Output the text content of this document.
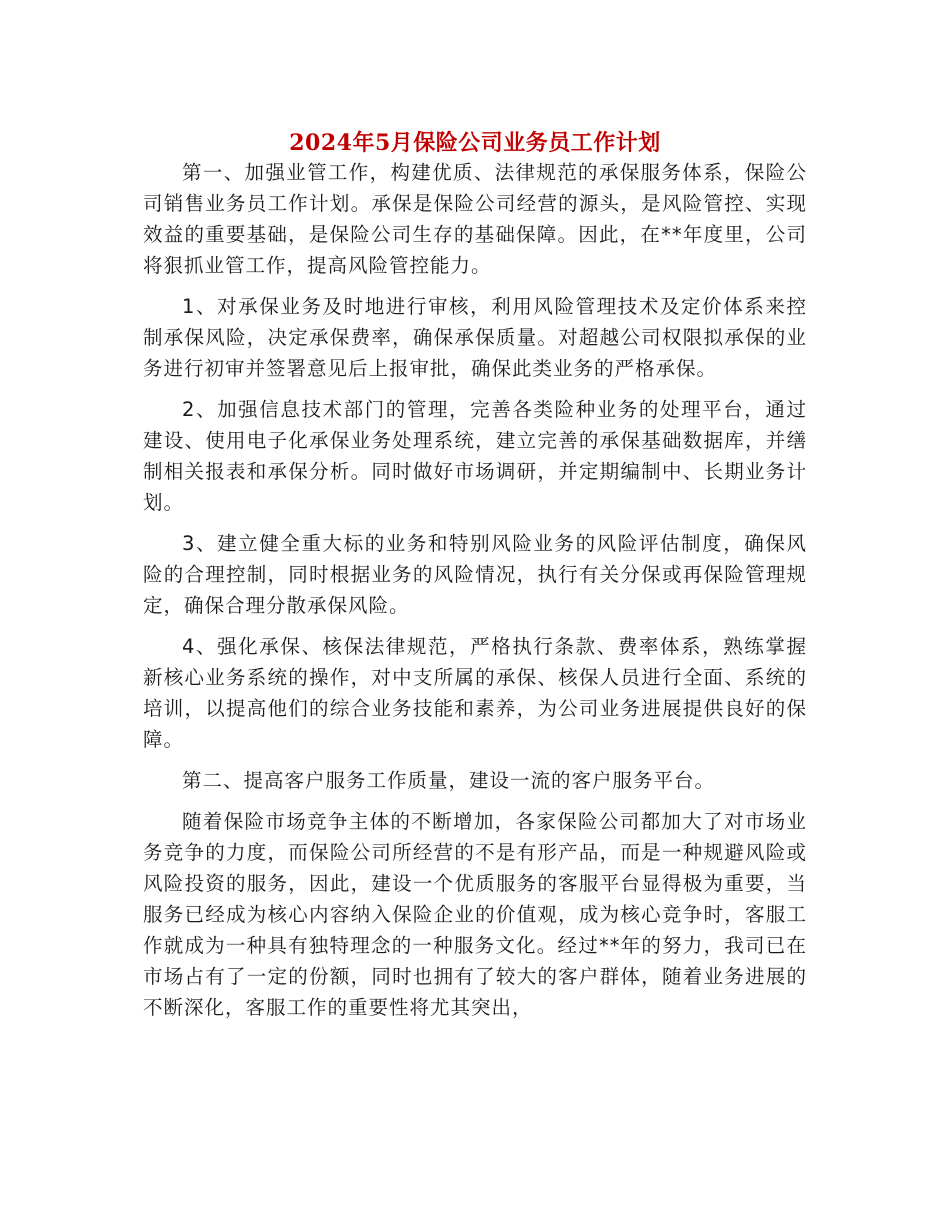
2024年5月保险公司业务员工作计划

第一、加强业管工作，构建优质、法律规范的承保服务体系，保险公司销售业务员工作计划。承保是保险公司经营的源头，是风险管控、实现效益的重要基础，是保险公司生存的基础保障。因此，在**年度里，公司将狠抓业管工作，提高风险管控能力。

1、对承保业务及时地进行审核，利用风险管理技术及定价体系来控制承保风险，决定承保费率，确保承保质量。对超越公司权限拟承保的业务进行初审并签署意见后上报审批，确保此类业务的严格承保。

2、加强信息技术部门的管理，完善各类险种业务的处理平台，通过建设、使用电子化承保业务处理系统，建立完善的承保基础数据库，并缮制相关报表和承保分析。同时做好市场调研，并定期编制中、长期业务计划。

3、建立健全重大标的业务和特别风险业务的风险评估制度，确保风险的合理控制，同时根据业务的风险情况，执行有关分保或再保险管理规定，确保合理分散承保风险。

4、强化承保、核保法律规范，严格执行条款、费率体系，熟练掌握新核心业务系统的操作，对中支所属的承保、核保人员进行全面、系统的培训，以提高他们的综合业务技能和素养，为公司业务进展提供良好的保障。

第二、提高客户服务工作质量，建设一流的客户服务平台。

随着保险市场竞争主体的不断增加，各家保险公司都加大了对市场业务竞争的力度，而保险公司所经营的不是有形产品，而是一种规避风险或风险投资的服务，因此，建设一个优质服务的客服平台显得极为重要，当服务已经成为核心内容纳入保险企业的价值观，成为核心竞争时，客服工作就成为一种具有独特理念的一种服务文化。经过**年的努力，我司已在市场占有了一定的份额，同时也拥有了较大的客户群体，随着业务进展的不断深化，客服工作的重要性将尤其突出，
